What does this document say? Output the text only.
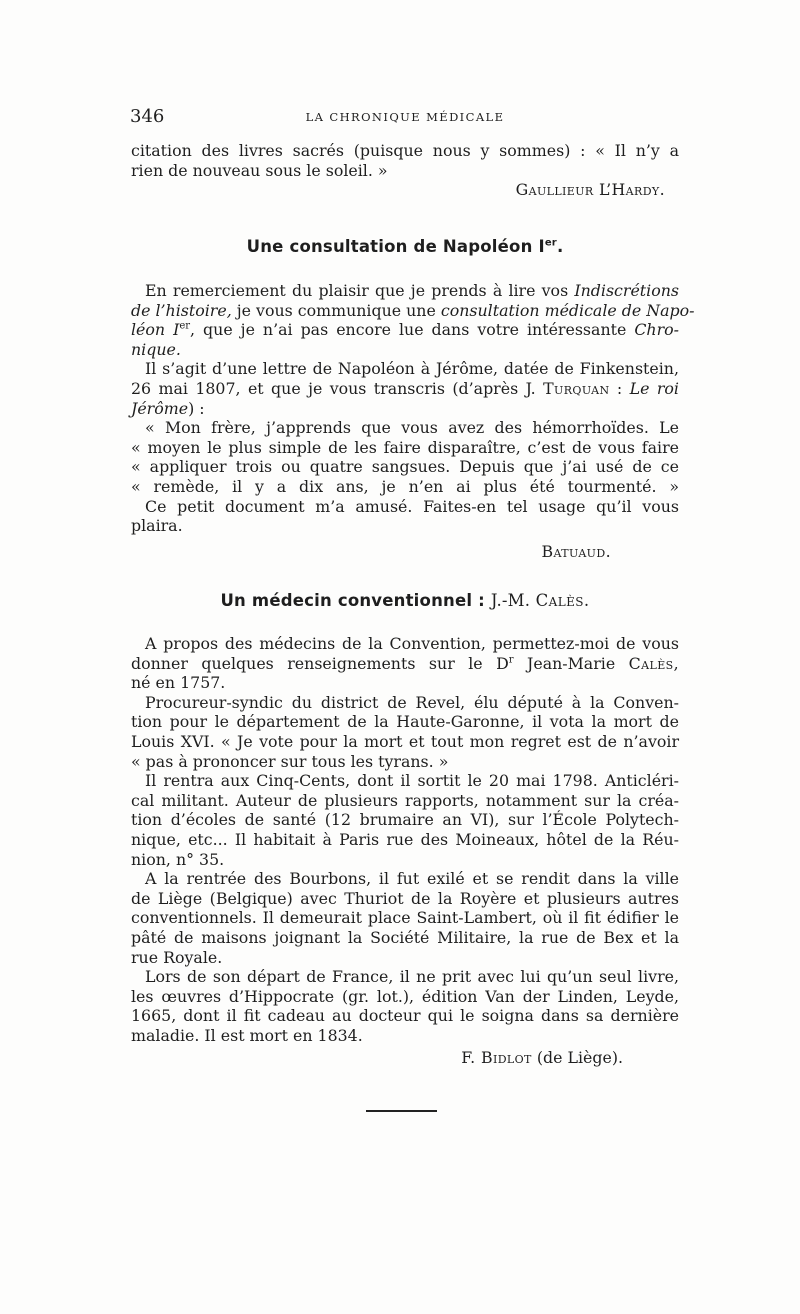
346	LA CHRONIQUE MÉDICALE
citation des livres sacrés (puisque nous y sommes) : « Il n’y a
rien de nouveau sous le soleil. »
Gaullieur L’Hardy.
Une consultation de Napoléon Ier.
En remerciement du plaisir que je prends à lire vos Indiscrétions
de l’histoire, je vous communique une consultation médicale de Napo-
léon Ier, que je n’ai pas encore lue dans votre intéressante Chro-
nique.
Il s’agit d’une lettre de Napoléon à Jérôme, datée de Finkenstein,
26 mai 1807, et que je vous transcris (d’après J. Turquan : Le roi
Jérôme) :
« Mon frère, j’apprends que vous avez des hémorrhoïdes. Le
« moyen le plus simple de les faire disparaître, c’est de vous faire
« appliquer trois ou quatre sangsues. Depuis que j’ai usé de ce
« remède, il y a dix ans, je n’en ai plus été tourmenté. »
Ce petit document m’a amusé. Faites-en tel usage qu’il vous
plaira.
Batuaud.
Un médecin conventionnel : J.-M. Calès.
A propos des médecins de la Convention, permettez-moi de vous
donner quelques renseignements sur le $D^r$ Jean-Marie Calès,
né en 1757.
Procureur-syndic du district de Revel, élu député à la Conven-
tion pour le département de la Haute-Garonne, il vota la mort de
Louis XVI. « Je vote pour la mort et tout mon regret est de n’avoir
« pas à prononcer sur tous les tyrans. »
Il rentra aux Cinq-Cents, dont il sortit le 20 mai 1798. Anticléri-
cal militant. Auteur de plusieurs rapports, notamment sur la créa-
tion d’écoles de santé (12 brumaire an VI), sur l’École Polytech-
nique, etc... Il habitait à Paris rue des Moineaux, hôtel de la Réu-
nion, n° 35.
A la rentrée des Bourbons, il fut exilé et se rendit dans la ville
de Liège (Belgique) avec Thuriot de la Royère et plusieurs autres
conventionnels. Il demeurait place Saint-Lambert, où il fit édifier le
pâté de maisons joignant la Société Militaire, la rue de Bex et la
rue Royale.
Lors de son départ de France, il ne prit avec lui qu’un seul livre,
les œuvres d’Hippocrate (gr. lot.), édition Van der Linden, Leyde,
1665, dont il fit cadeau au docteur qui le soigna dans sa dernière
maladie. Il est mort en 1834.
F. Bidlot (de Liège).
